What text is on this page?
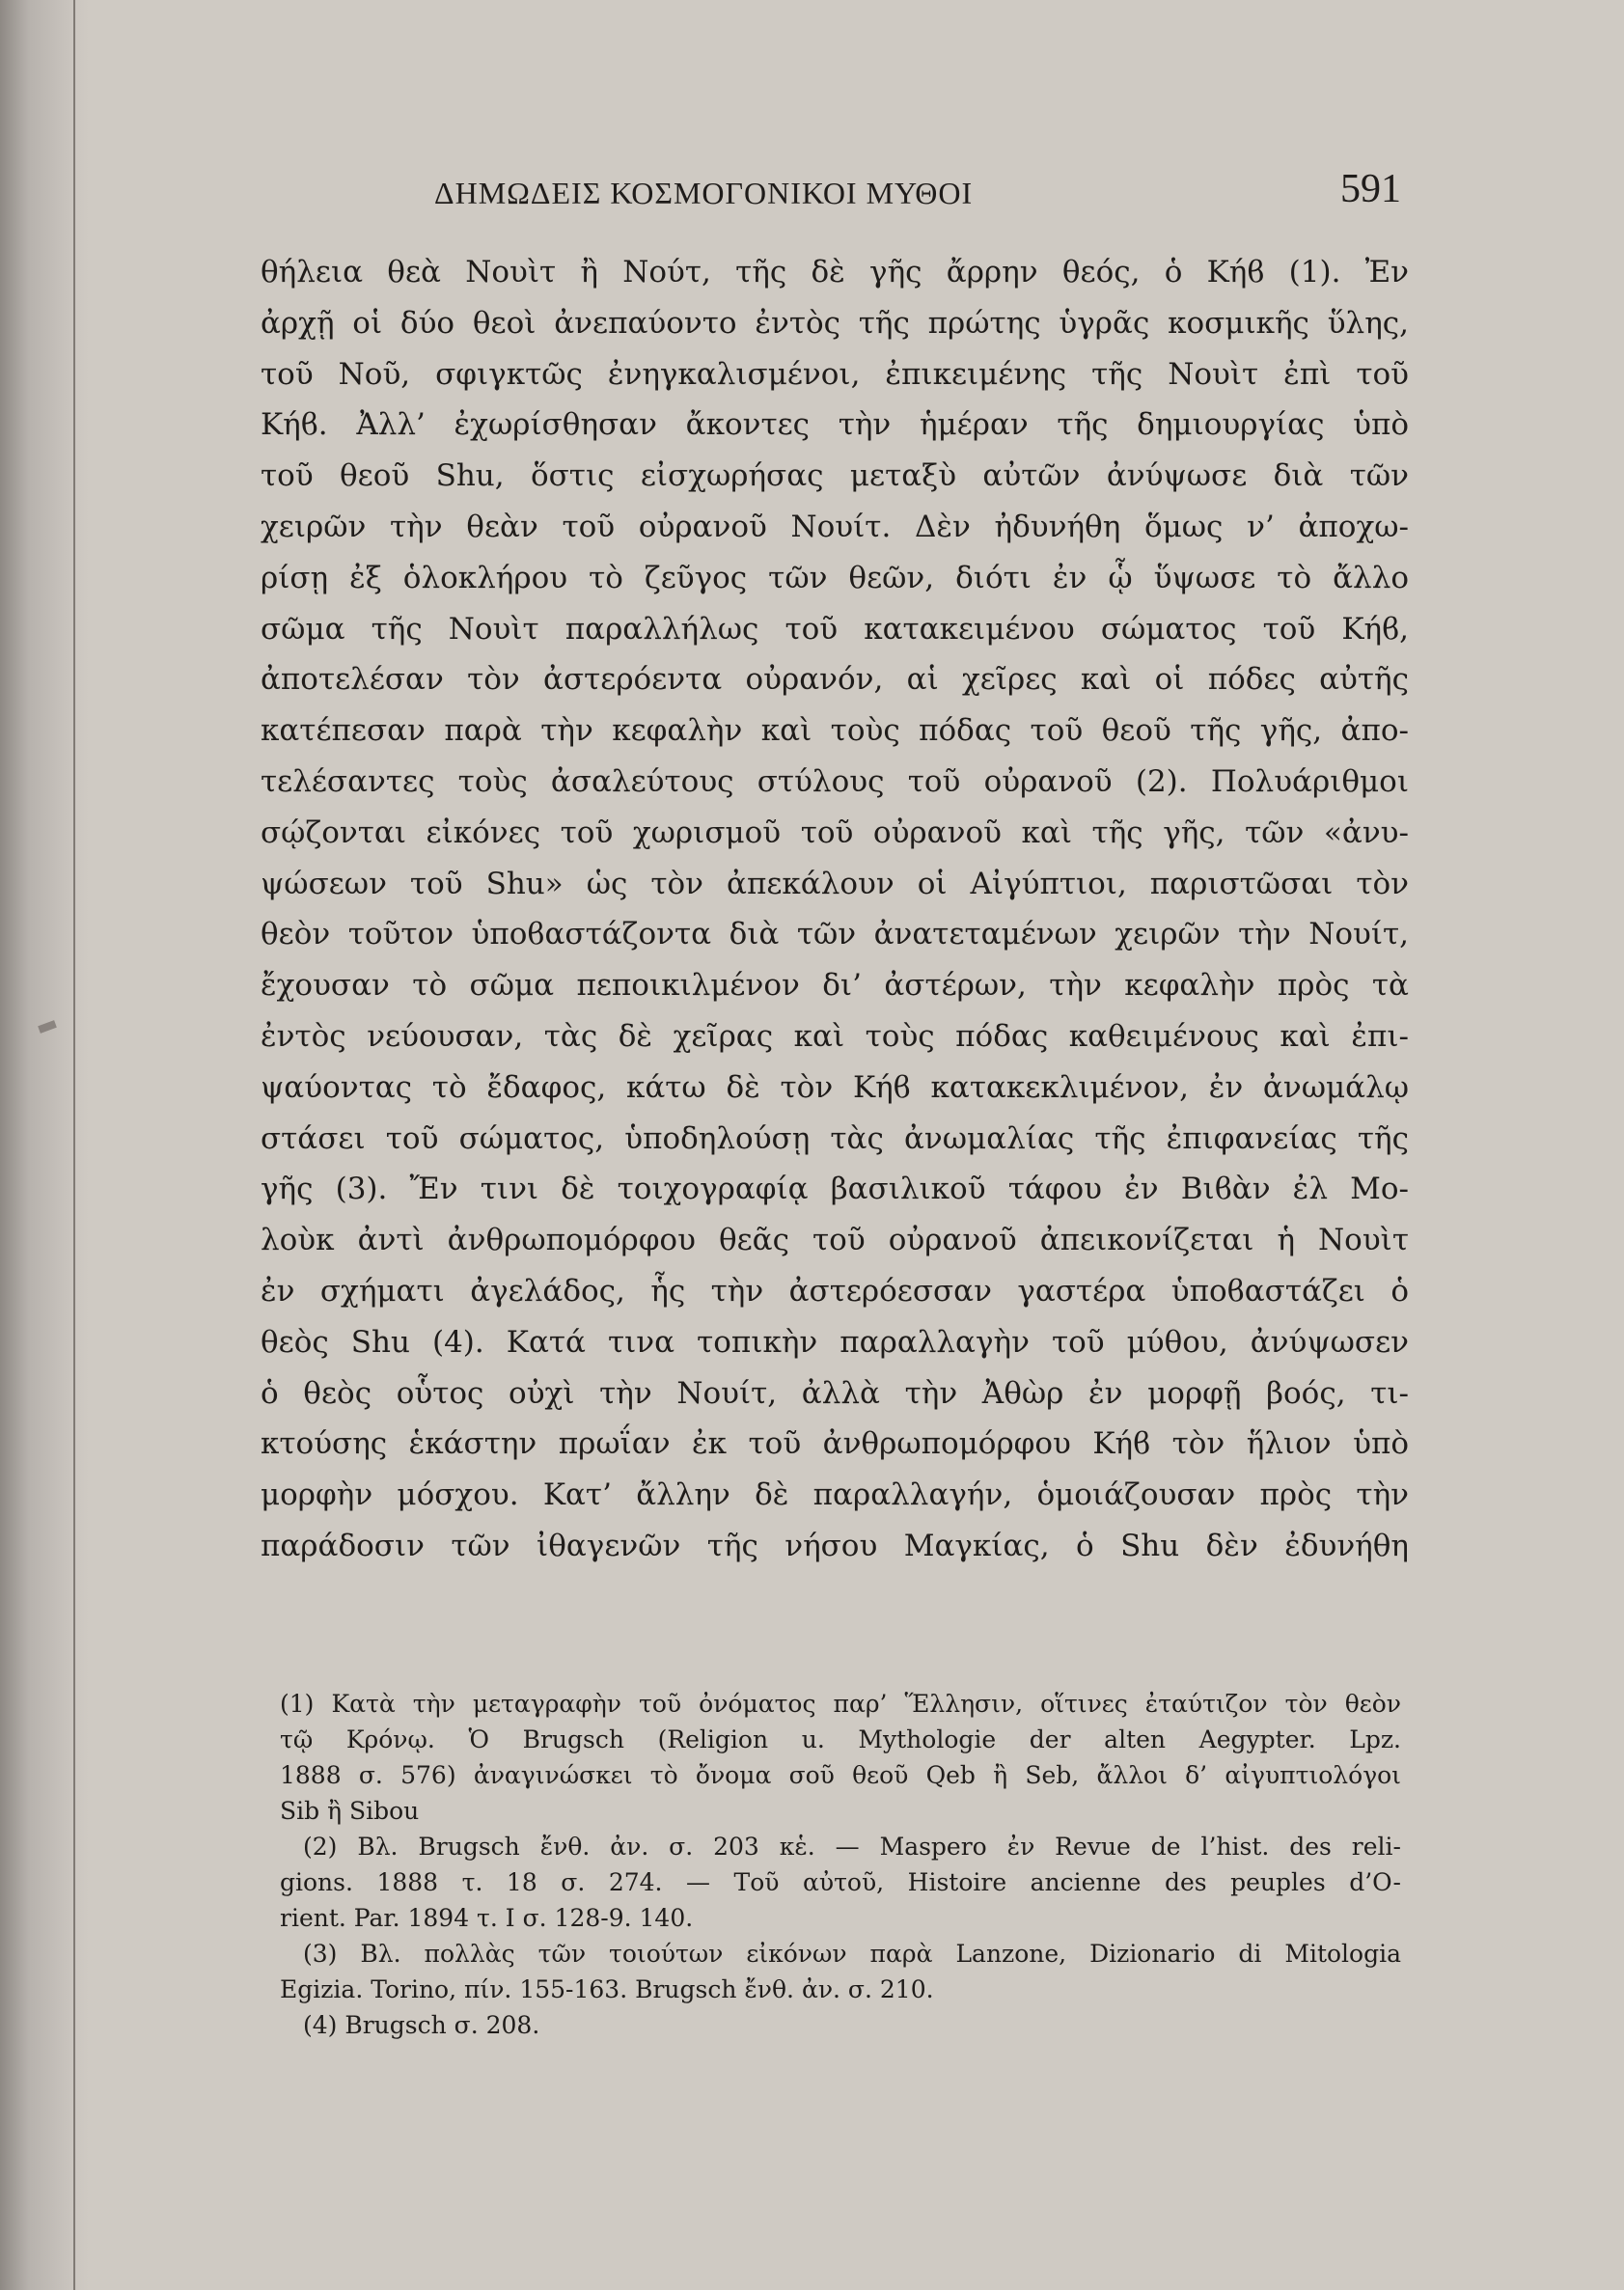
ΔΗΜΩΔΕΙΣ ΚΟΣΜΟΓΟΝΙΚΟΙ ΜΥΘΟΙ	591
θήλεια θεὰ Νουὶτ ἢ Νούτ, τῆς δὲ γῆς ἄρρην θεός, ὁ Κήϐ (1). Ἐν
ἀρχῇ οἱ δύο θεοὶ ἀνεπαύοντο ἐντὸς τῆς πρώτης ὑγρᾶς κοσμικῆς ὕλης,
τοῦ Νοῦ, σφιγκτῶς ἐνηγκαλισμένοι, ἐπικειμένης τῆς Νουὶτ ἐπὶ τοῦ
Κήϐ. Ἀλλ’ ἐχωρίσθησαν ἄκοντες τὴν ἡμέραν τῆς δημιουργίας ὑπὸ
τοῦ θεοῦ Shu, ὅστις εἰσχωρήσας μεταξὺ αὐτῶν ἀνύψωσε διὰ τῶν
χειρῶν τὴν θεὰν τοῦ οὐρανοῦ Νουίτ. Δὲν ἠδυνήθη ὅμως ν’ ἀποχω-
ρίσῃ ἐξ ὁλοκλήρου τὸ ζεῦγος τῶν θεῶν, διότι ἐν ᾧ ὕψωσε τὸ ἄλλο
σῶμα τῆς Νουὶτ παραλλήλως τοῦ κατακειμένου σώματος τοῦ Κήϐ,
ἀποτελέσαν τὸν ἀστερόεντα οὐρανόν, αἱ χεῖρες καὶ οἱ πόδες αὐτῆς
κατέπεσαν παρὰ τὴν κεφαλὴν καὶ τοὺς πόδας τοῦ θεοῦ τῆς γῆς, ἀπο-
τελέσαντες τοὺς ἀσαλεύτους στύλους τοῦ οὐρανοῦ (2). Πολυάριθμοι
σῴζονται εἰκόνες τοῦ χωρισμοῦ τοῦ οὐρανοῦ καὶ τῆς γῆς, τῶν «ἀνυ-
ψώσεων τοῦ Shu» ὡς τὸν ἀπεκάλουν οἱ Αἰγύπτιοι, παριστῶσαι τὸν
θεὸν τοῦτον ὑποϐαστάζοντα διὰ τῶν ἀνατεταμένων χειρῶν τὴν Νουίτ,
ἔχουσαν τὸ σῶμα πεποικιλμένον δι’ ἀστέρων, τὴν κεφαλὴν πρὸς τὰ
ἐντὸς νεύουσαν, τὰς δὲ χεῖρας καὶ τοὺς πόδας καθειμένους καὶ ἐπι-
ψαύοντας τὸ ἔδαφος, κάτω δὲ τὸν Κήϐ κατακεκλιμένον, ἐν ἀνωμάλῳ
στάσει τοῦ σώματος, ὑποδηλούσῃ τὰς ἀνωμαλίας τῆς ἐπιφανείας τῆς
γῆς (3). Ἔν τινι δὲ τοιχογραφίᾳ βασιλικοῦ τάφου ἐν Βιϐὰν ἐλ Μο-
λοὺκ ἀντὶ ἀνθρωπομόρφου θεᾶς τοῦ οὐρανοῦ ἀπεικονίζεται ἡ Νουὶτ
ἐν σχήματι ἀγελάδος, ἧς τὴν ἀστερόεσσαν γαστέρα ὑποϐαστάζει ὁ
θεὸς Shu (4). Κατά τινα τοπικὴν παραλλαγὴν τοῦ μύθου, ἀνύψωσεν
ὁ θεὸς οὗτος οὐχὶ τὴν Νουίτ, ἀλλὰ τὴν Ἀθὼρ ἐν μορφῇ βοός, τι-
κτούσης ἑκάστην πρωΐαν ἐκ τοῦ ἀνθρωπομόρφου Κήϐ τὸν ἥλιον ὑπὸ
μορφὴν μόσχου. Κατ’ ἄλλην δὲ παραλλαγήν, ὁμοιάζουσαν πρὸς τὴν
παράδοσιν τῶν ἰθαγενῶν τῆς νήσου Μαγκίας, ὁ Shu δὲν ἐδυνήθη
(1) Κατὰ τὴν μεταγραφὴν τοῦ ὀνόματος παρ’ Ἕλλησιν, οἵτινες ἐταύτιζον τὸν θεὸν
τῷ Κρόνῳ. Ὁ Brugsch (Religion u. Mythologie der alten Aegypter. Lpz.
1888 σ. 576) ἀναγινώσκει τὸ ὄνομα σοῦ θεοῦ Qeb ἢ Seb, ἄλλοι δ’ αἰγυπτιολόγοι
Sib ἢ Sibou
(2) Βλ. Brugsch ἔνθ. ἀν. σ. 203 κἑ. — Maspero ἐν Revue de l’hist. des reli-
gions. 1888 τ. 18 σ. 274. — Τοῦ αὐτοῦ, Histoire ancienne des peuples d’O-
rient. Par. 1894 τ. Ι σ. 128-9. 140.
(3) Βλ. πολλὰς τῶν τοιούτων εἰκόνων παρὰ Lanzone, Dizionario di Mitologia
Egizia. Torino, πίν. 155-163. Brugsch ἔνθ. ἀν. σ. 210.
(4) Brugsch σ. 208.
